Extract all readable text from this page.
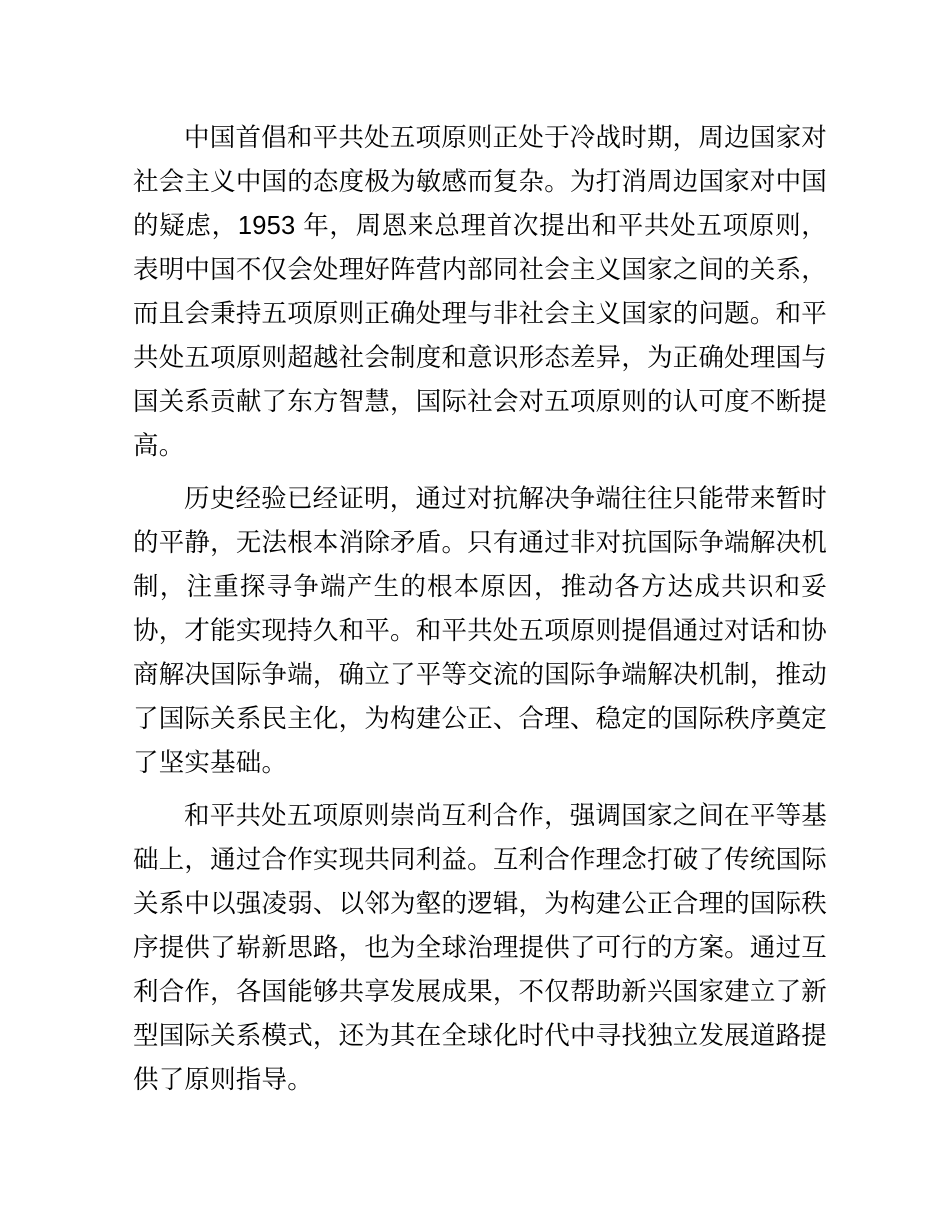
中国首倡和平共处五项原则正处于冷战时期，周边国家对社会主义中国的态度极为敏感而复杂。为打消周边国家对中国的疑虑，1953 年，周恩来总理首次提出和平共处五项原则，表明中国不仅会处理好阵营内部同社会主义国家之间的关系，而且会秉持五项原则正确处理与非社会主义国家的问题。和平共处五项原则超越社会制度和意识形态差异，为正确处理国与国关系贡献了东方智慧，国际社会对五项原则的认可度不断提高。

历史经验已经证明，通过对抗解决争端往往只能带来暂时的平静，无法根本消除矛盾。只有通过非对抗国际争端解决机制，注重探寻争端产生的根本原因，推动各方达成共识和妥协，才能实现持久和平。和平共处五项原则提倡通过对话和协商解决国际争端，确立了平等交流的国际争端解决机制，推动了国际关系民主化，为构建公正、合理、稳定的国际秩序奠定了坚实基础。

和平共处五项原则崇尚互利合作，强调国家之间在平等基础上，通过合作实现共同利益。互利合作理念打破了传统国际关系中以强凌弱、以邻为壑的逻辑，为构建公正合理的国际秩序提供了崭新思路，也为全球治理提供了可行的方案。通过互利合作，各国能够共享发展成果，不仅帮助新兴国家建立了新型国际关系模式，还为其在全球化时代中寻找独立发展道路提供了原则指导。
